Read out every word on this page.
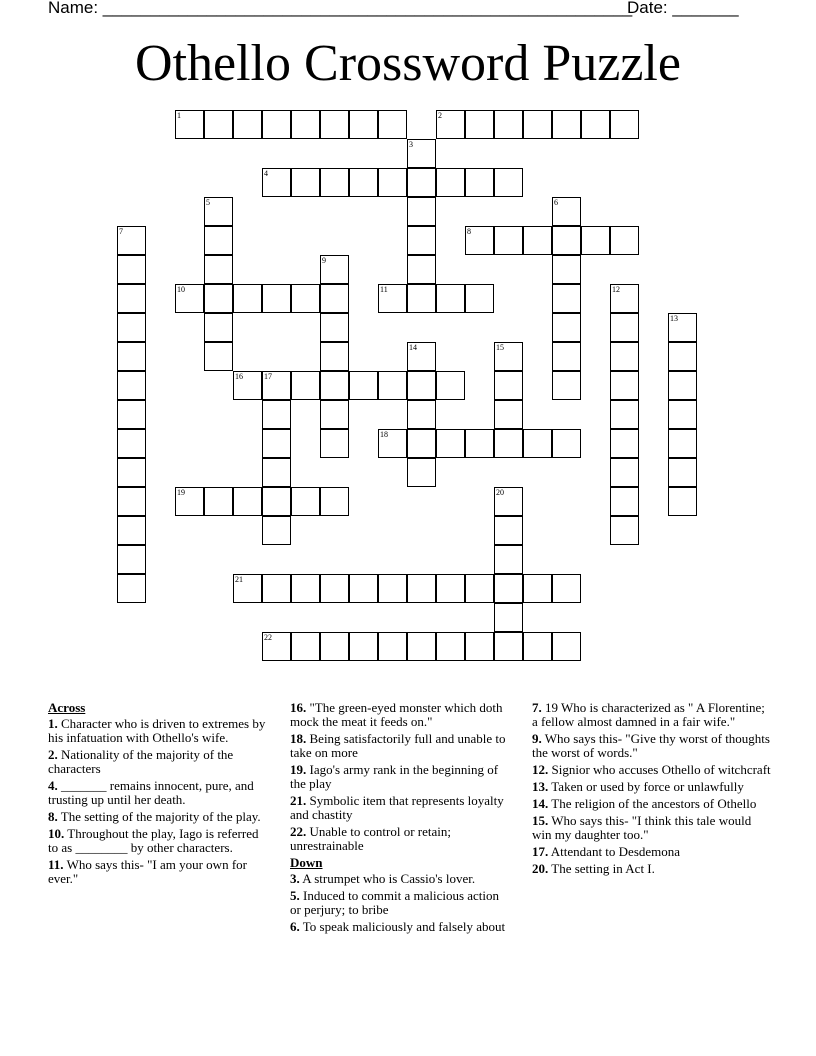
Name: ________________________________________________________
Date: _______
Othello Crossword Puzzle
1	2
4
8
10	11
16	17
18
19
21
22
3
5	6
7
9
12
13
14	15
20
Across
1. Character who is driven to extremes by his infatuation with Othello's wife.
2. Nationality of the majority of the characters
4. _______ remains innocent, pure, and trusting up until her death.
8. The setting of the majority of the play.
10. Throughout the play, Iago is referred to as ________ by other characters.
11. Who says this- "I am your own for ever."
16. "The green-eyed monster which doth mock the meat it feeds on."
18. Being satisfactorily full and unable to take on more
19. Iago's army rank in the beginning of the play
21. Symbolic item that represents loyalty and chastity
22. Unable to control or retain; unrestrainable
Down
3. A strumpet who is Cassio's lover.
5. Induced to commit a malicious action or perjury; to bribe
6. To speak maliciously and falsely about
7. 19 Who is characterized as " A Florentine; a fellow almost damned in a fair wife."
9. Who says this- "Give thy worst of thoughts the worst of words."
12. Signior who accuses Othello of witchcraft
13. Taken or used by force or unlawfully
14. The religion of the ancestors of Othello
15. Who says this- "I think this tale would win my daughter too."
17. Attendant to Desdemona
20. The setting in Act I.
